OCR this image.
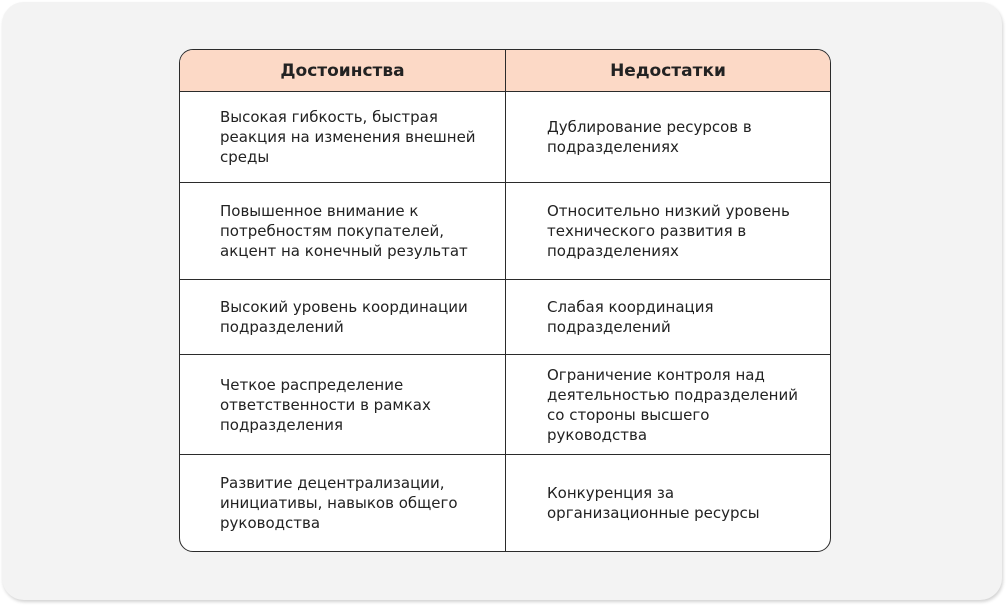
Достоинства	Недостатки
Высокая гибкость, быстрая реакция на изменения внешней среды
Дублирование ресурсов в подразделениях
Повышенное внимание к потребностям покупателей, акцент на конечный результат
Относительно низкий уровень технического развития в подразделениях
Высокий уровень координации подразделений
Слабая координация подразделений
Четкое распределение ответственности в рамках подразделения
Ограничение контроля над деятельностью подразделений со стороны высшего руководства
Развитие децентрализации, инициативы, навыков общего руководства
Конкуренция за организационные ресурсы
